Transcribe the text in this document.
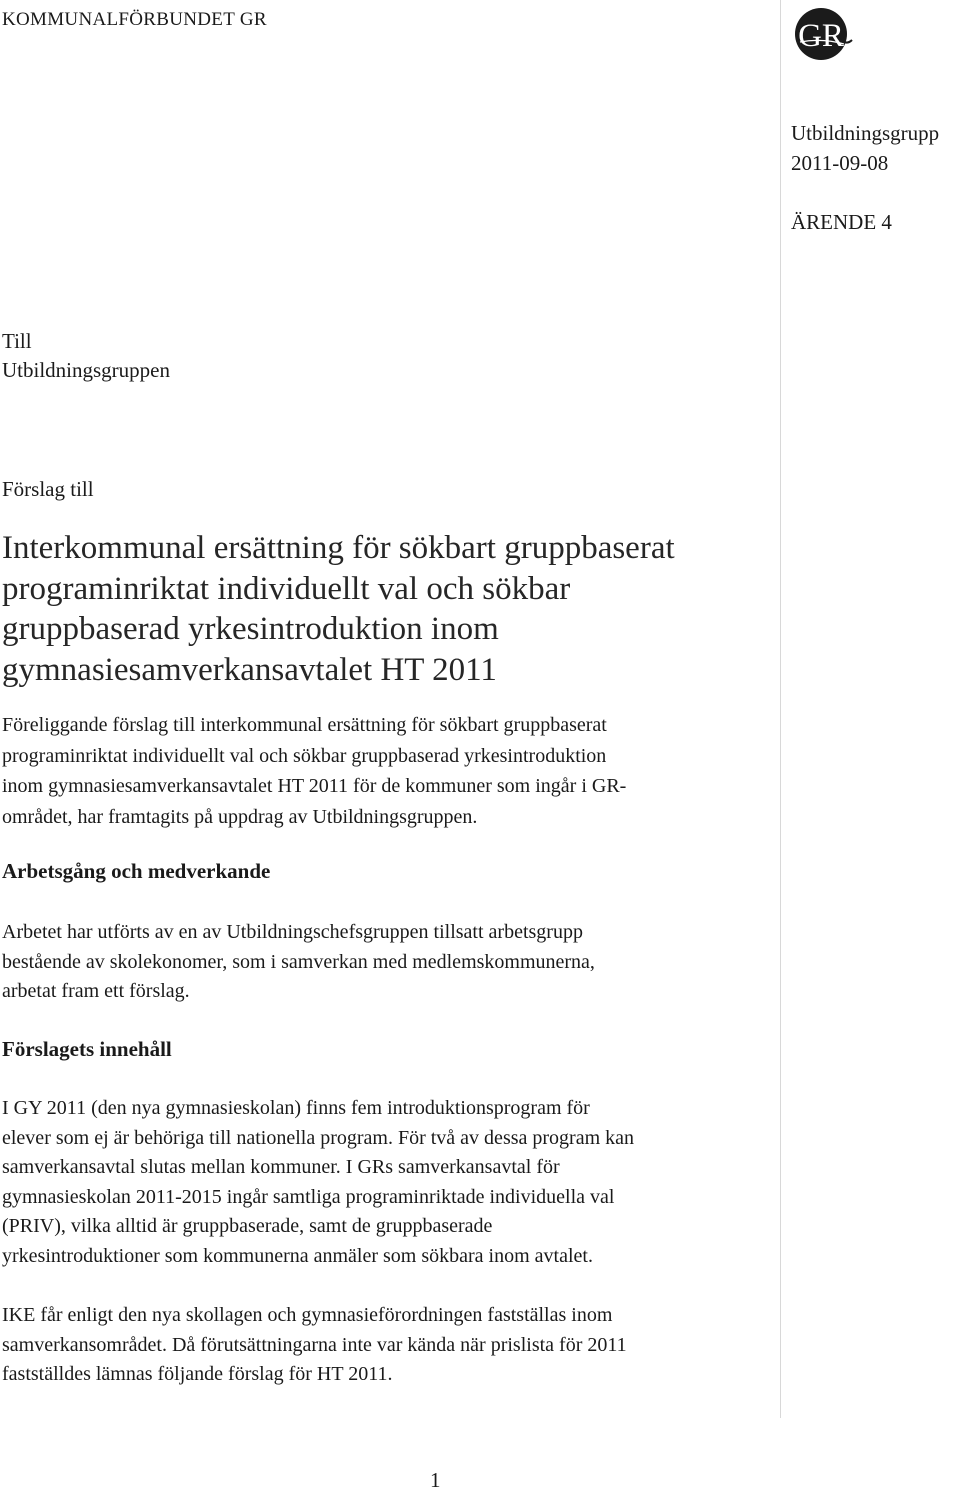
KOMMUNALFÖRBUNDET GR	GR
Utbildningsgrupp
2011-09-08
ÄRENDE 4
Till
Utbildningsgruppen
Förslag till
Interkommunal ersättning för sökbart gruppbaserat
programinriktat individuellt val och sökbar
gruppbaserad yrkesintroduktion inom
gymnasiesamverkansavtalet HT 2011

Föreliggande förslag till interkommunal ersättning för sökbart gruppbaserat
programinriktat individuellt val och sökbar gruppbaserad yrkesintroduktion
inom gymnasiesamverkansavtalet HT 2011 för de kommuner som ingår i GR-
området, har framtagits på uppdrag av Utbildningsgruppen.

Arbetsgång och medverkande

Arbetet har utförts av en av Utbildningschefsgruppen tillsatt arbetsgrupp
bestående av skolekonomer, som i samverkan med medlemskommunerna,
arbetat fram ett förslag.

Förslagets innehåll

I GY 2011 (den nya gymnasieskolan) finns fem introduktionsprogram för
elever som ej är behöriga till nationella program. För två av dessa program kan
samverkansavtal slutas mellan kommuner. I GRs samverkansavtal för
gymnasieskolan 2011-2015 ingår samtliga programinriktade individuella val
(PRIV), vilka alltid är gruppbaserade, samt de gruppbaserade
yrkesintroduktioner som kommunerna anmäler som sökbara inom avtalet.

IKE får enligt den nya skollagen och gymnasieförordningen fastställas inom
samverkansområdet. Då förutsättningarna inte var kända när prislista för 2011
fastställdes lämnas följande förslag för HT 2011.

1
